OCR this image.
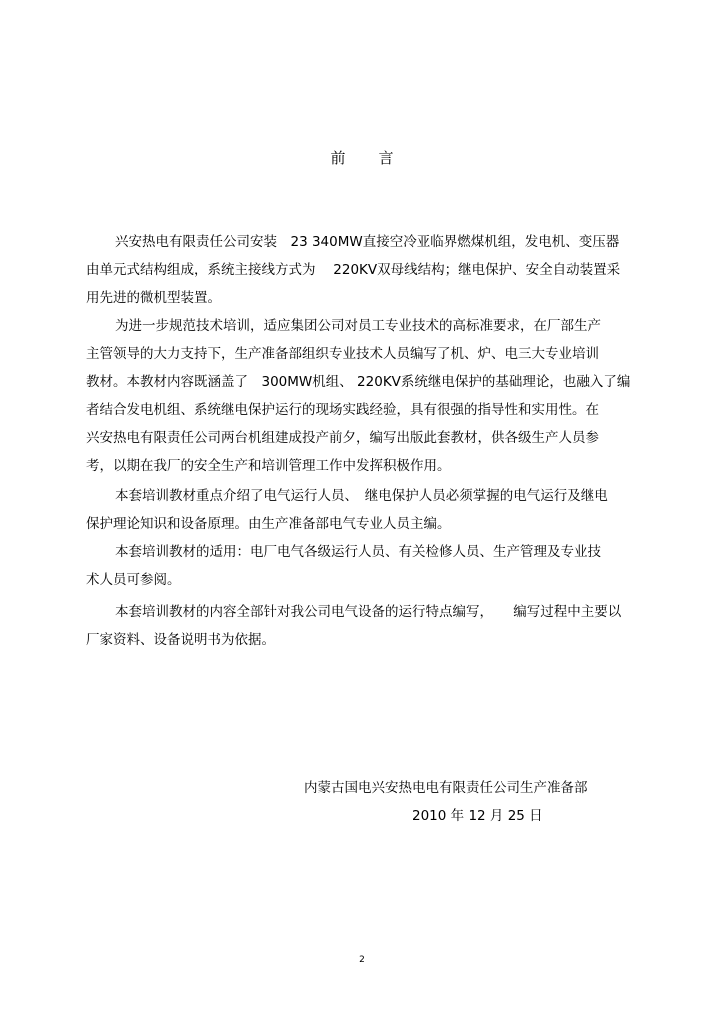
前言
兴安热电有限责任公司安装　23 340MW直接空冷亚临界燃煤机组，发电机、变压器
由单元式结构组成，系统主接线方式为　 220KV双母线结构；继电保护、安全自动装置采
用先进的微机型装置。
为进一步规范技术培训，适应集团公司对员工专业技术的高标准要求，在厂部生产
主管领导的大力支持下，生产准备部组织专业技术人员编写了机、炉、电三大专业培训
教材。本教材内容既涵盖了　300MW机组、 220KV系统继电保护的基础理论，也融入了编
者结合发电机组、系统继电保护运行的现场实践经验，具有很强的指导性和实用性。在
兴安热电有限责任公司两台机组建成投产前夕，编写出版此套教材，供各级生产人员参
考，以期在我厂的安全生产和培训管理工作中发挥积极作用。
本套培训教材重点介绍了电气运行人员、　继电保护人员必须掌握的电气运行及继电
保护理论知识和设备原理。由生产准备部电气专业人员主编。
本套培训教材的适用：电厂电气各级运行人员、有关检修人员、生产管理及专业技
术人员可参阅。
本套培训教材的内容全部针对我公司电气设备的运行特点编写，　　编写过程中主要以
厂家资料、设备说明书为依据。
内蒙古国电兴安热电电有限责任公司生产准备部
2010 年 12 月 25 日
2
